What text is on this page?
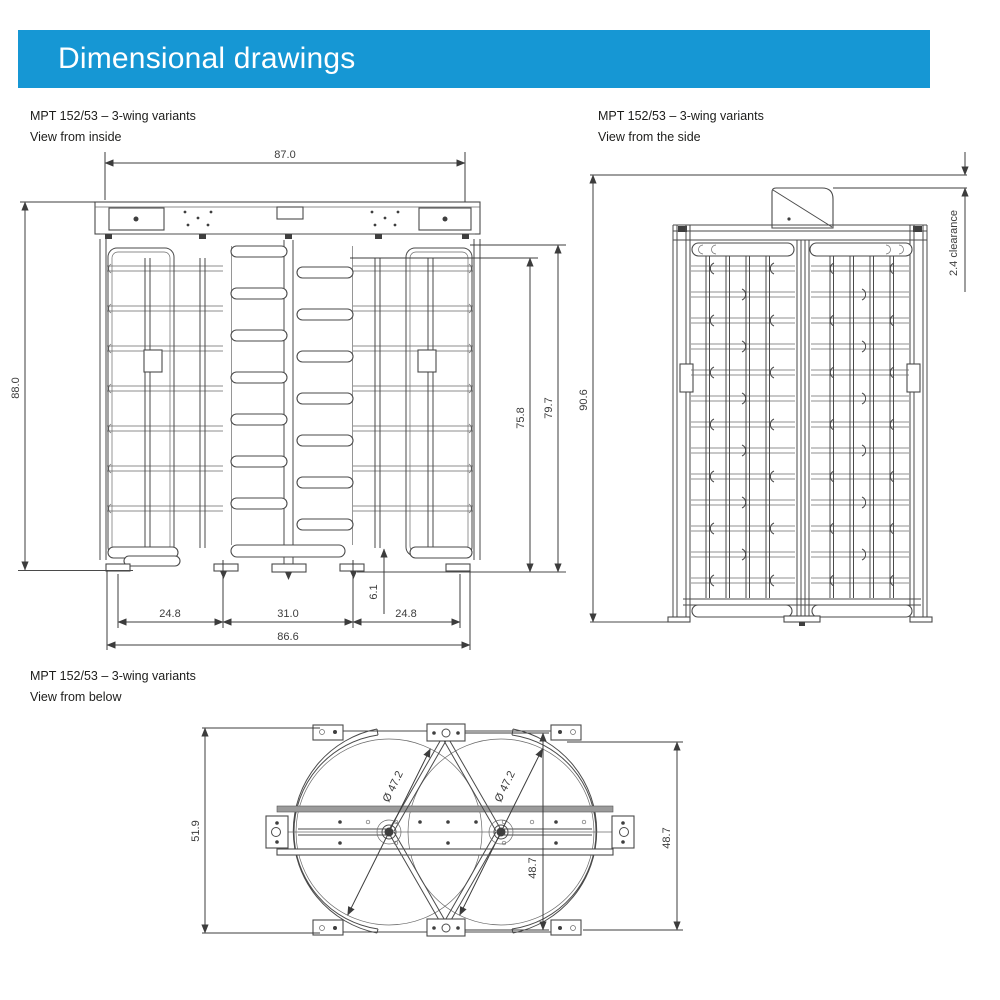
Dimensional drawings
MPT 152/53 – 3-wing variants
View from inside
MPT 152/53 – 3-wing variants
View from the side
MPT 152/53 – 3-wing variants
View from below
87.0
88.0
75.8 79.7
6.1
24.8	31.0	24.8
86.6
90.6
2.4 clearance
Ø 47.2	Ø 47.2
51.9
48.7
48.7
